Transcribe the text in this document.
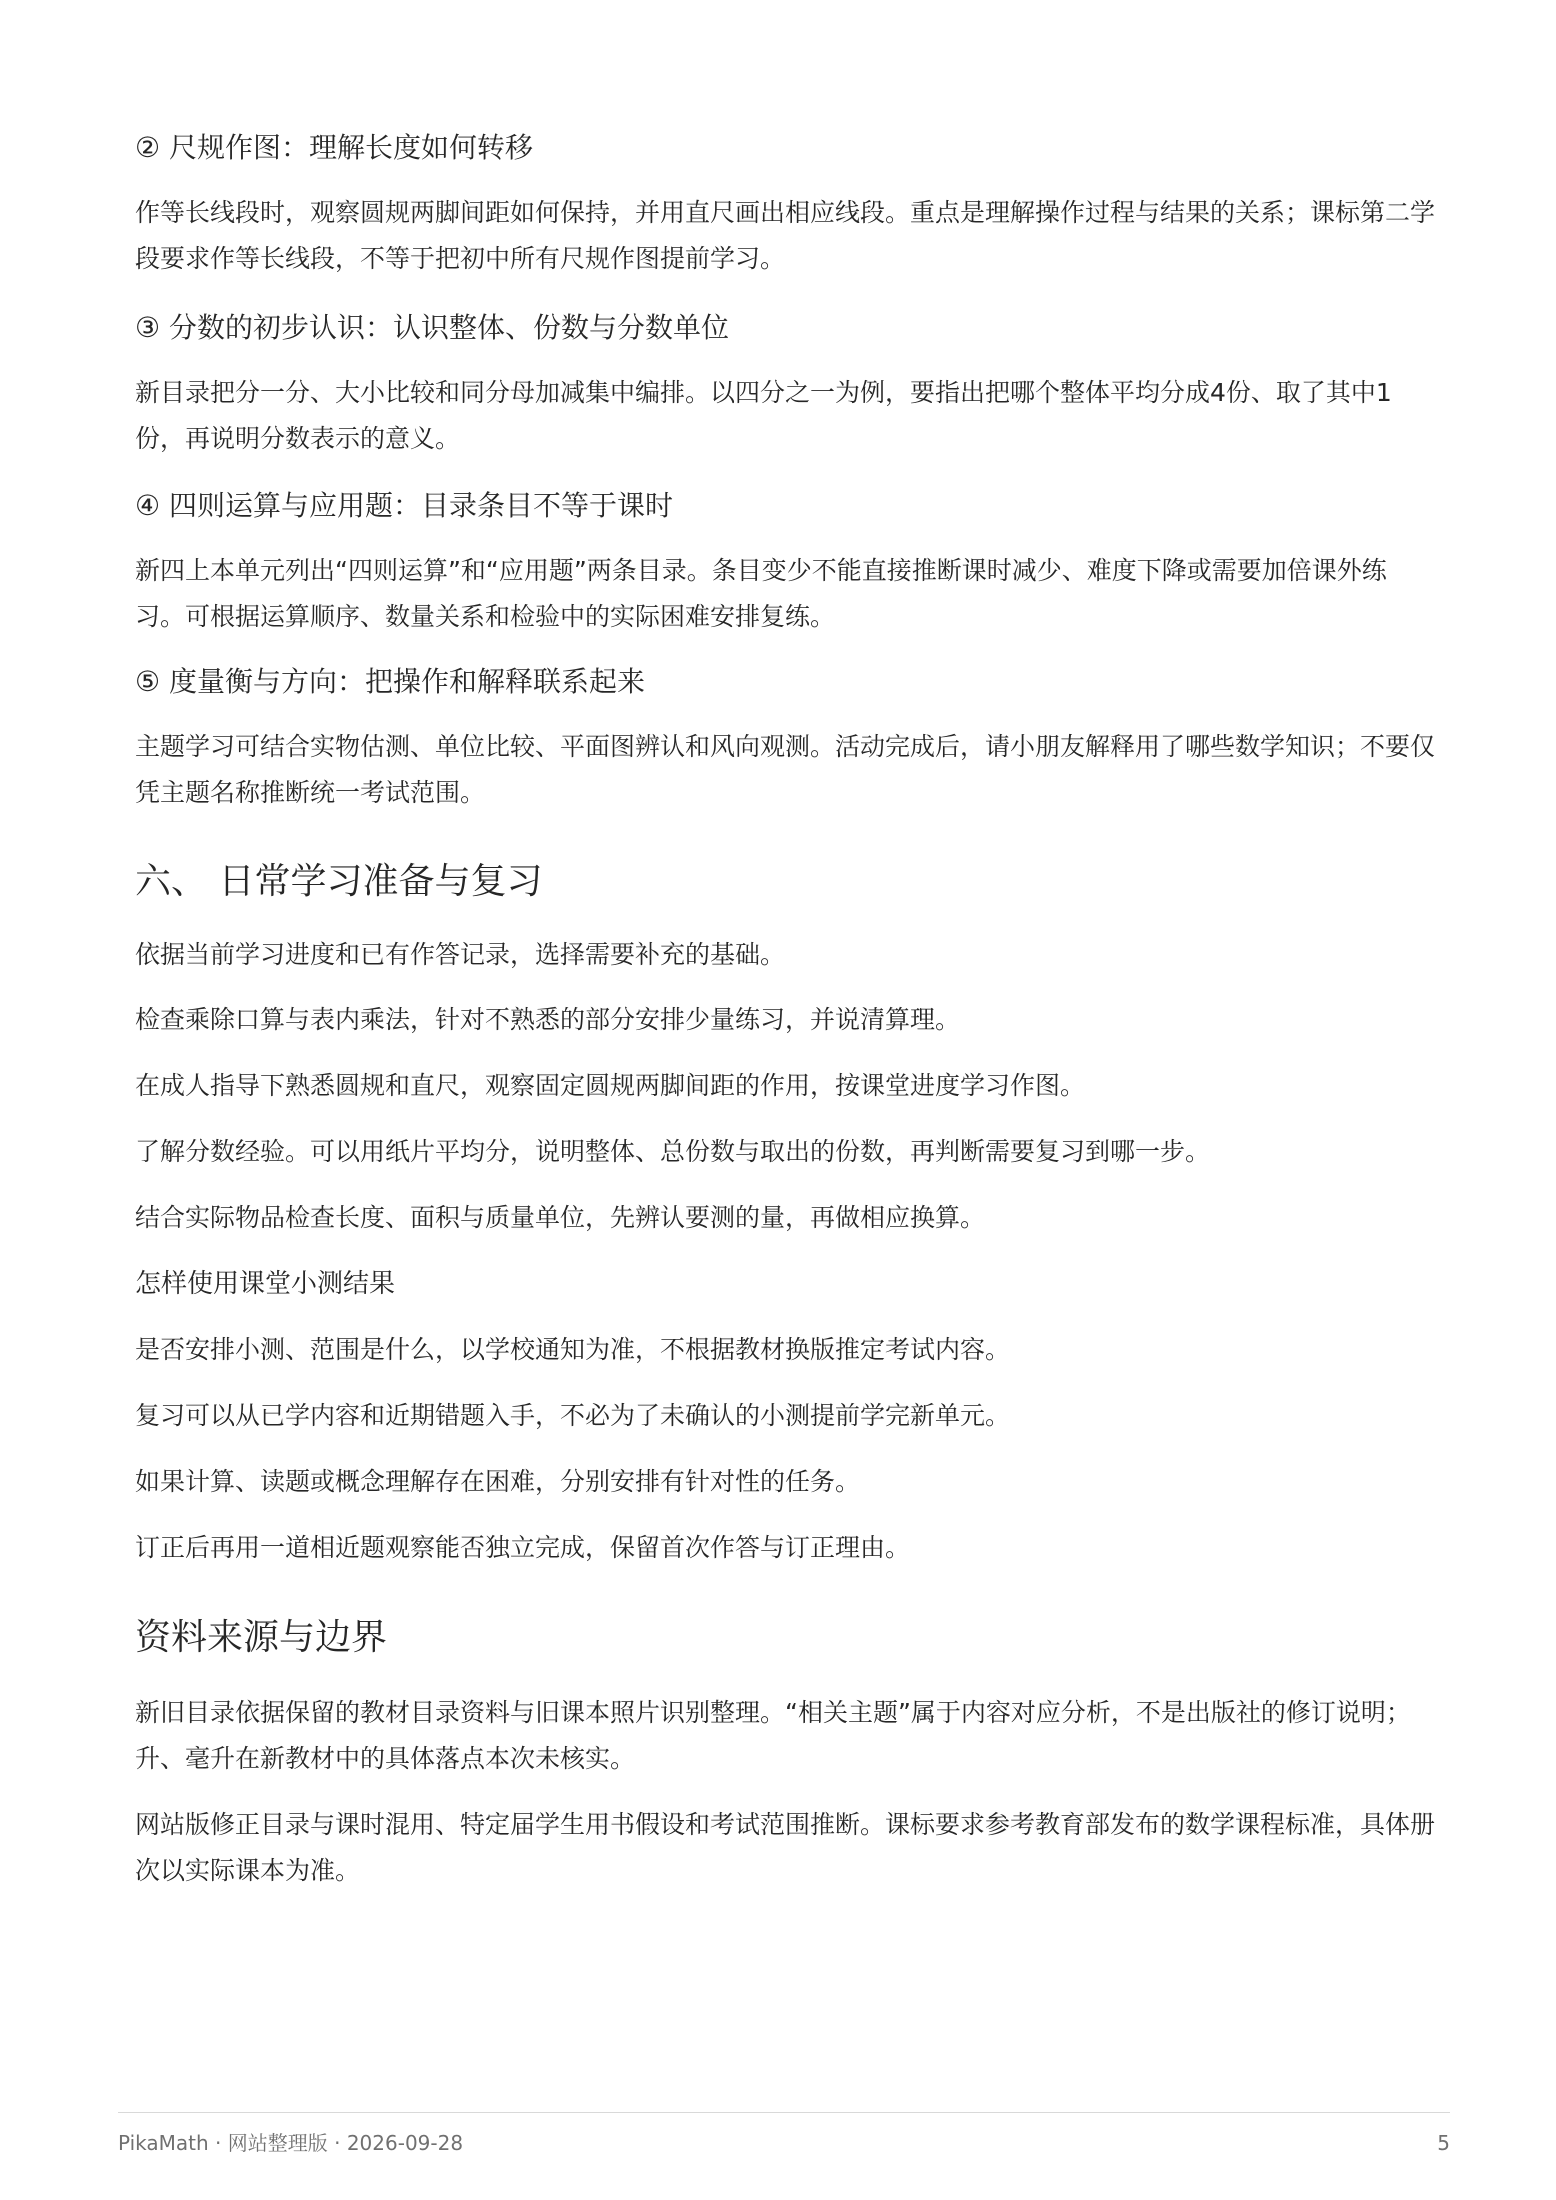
② 尺规作图：理解长度如何转移
作等长线段时，观察圆规两脚间距如何保持，并用直尺画出相应线段。重点是理解操作过程与结果的关系；课标第二学段要求作等长线段，不等于把初中所有尺规作图提前学习。
③ 分数的初步认识：认识整体、份数与分数单位
新目录把分一分、大小比较和同分母加减集中编排。以四分之一为例，要指出把哪个整体平均分成4份、取了其中1份，再说明分数表示的意义。
④ 四则运算与应用题：目录条目不等于课时
新四上本单元列出“四则运算”和“应用题”两条目录。条目变少不能直接推断课时减少、难度下降或需要加倍课外练习。可根据运算顺序、数量关系和检验中的实际困难安排复练。
⑤ 度量衡与方向：把操作和解释联系起来
主题学习可结合实物估测、单位比较、平面图辨认和风向观测。活动完成后，请小朋友解释用了哪些数学知识；不要仅凭主题名称推断统一考试范围。
六、 日常学习准备与复习
依据当前学习进度和已有作答记录，选择需要补充的基础。
检查乘除口算与表内乘法，针对不熟悉的部分安排少量练习，并说清算理。
在成人指导下熟悉圆规和直尺，观察固定圆规两脚间距的作用，按课堂进度学习作图。
了解分数经验。可以用纸片平均分，说明整体、总份数与取出的份数，再判断需要复习到哪一步。
结合实际物品检查长度、面积与质量单位，先辨认要测的量，再做相应换算。
怎样使用课堂小测结果
是否安排小测、范围是什么，以学校通知为准，不根据教材换版推定考试内容。
复习可以从已学内容和近期错题入手，不必为了未确认的小测提前学完新单元。
如果计算、读题或概念理解存在困难，分别安排有针对性的任务。
订正后再用一道相近题观察能否独立完成，保留首次作答与订正理由。
资料来源与边界
新旧目录依据保留的教材目录资料与旧课本照片识别整理。“相关主题”属于内容对应分析，不是出版社的修订说明；升、毫升在新教材中的具体落点本次未核实。
网站版修正目录与课时混用、特定届学生用书假设和考试范围推断。课标要求参考教育部发布的数学课程标准，具体册次以实际课本为准。
PikaMath · 网站整理版 · 2026-09-28	5
